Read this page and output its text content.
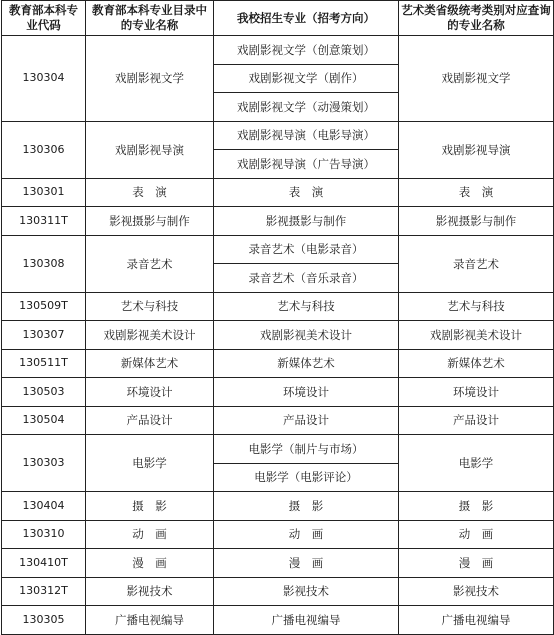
教育部本科专业代码	教育部本科专业目录中的专业名称	我校招生专业（招考方向）	艺术类省级统考类别对应查询的专业名称
130304	戏剧影视文学	戏剧影视文学（创意策划）	戏剧影视文学
		戏剧影视文学（剧作）	
		戏剧影视文学（动漫策划）	
130306	戏剧影视导演	戏剧影视导演（电影导演）	戏剧影视导演
		戏剧影视导演（广告导演）	
130301	表　演	表　演	表　演
130311T	影视摄影与制作	影视摄影与制作	影视摄影与制作
130308	录音艺术	录音艺术（电影录音）	录音艺术
		录音艺术（音乐录音）	
130509T	艺术与科技	艺术与科技	艺术与科技
130307	戏剧影视美术设计	戏剧影视美术设计	戏剧影视美术设计
130511T	新媒体艺术	新媒体艺术	新媒体艺术
130503	环境设计	环境设计	环境设计
130504	产品设计	产品设计	产品设计
130303	电影学	电影学（制片与市场）	电影学
		电影学（电影评论）	
130404	摄　影	摄　影	摄　影
130310	动　画	动　画	动　画
130410T	漫　画	漫　画	漫　画
130312T	影视技术	影视技术	影视技术
130305	广播电视编导	广播电视编导	广播电视编导
